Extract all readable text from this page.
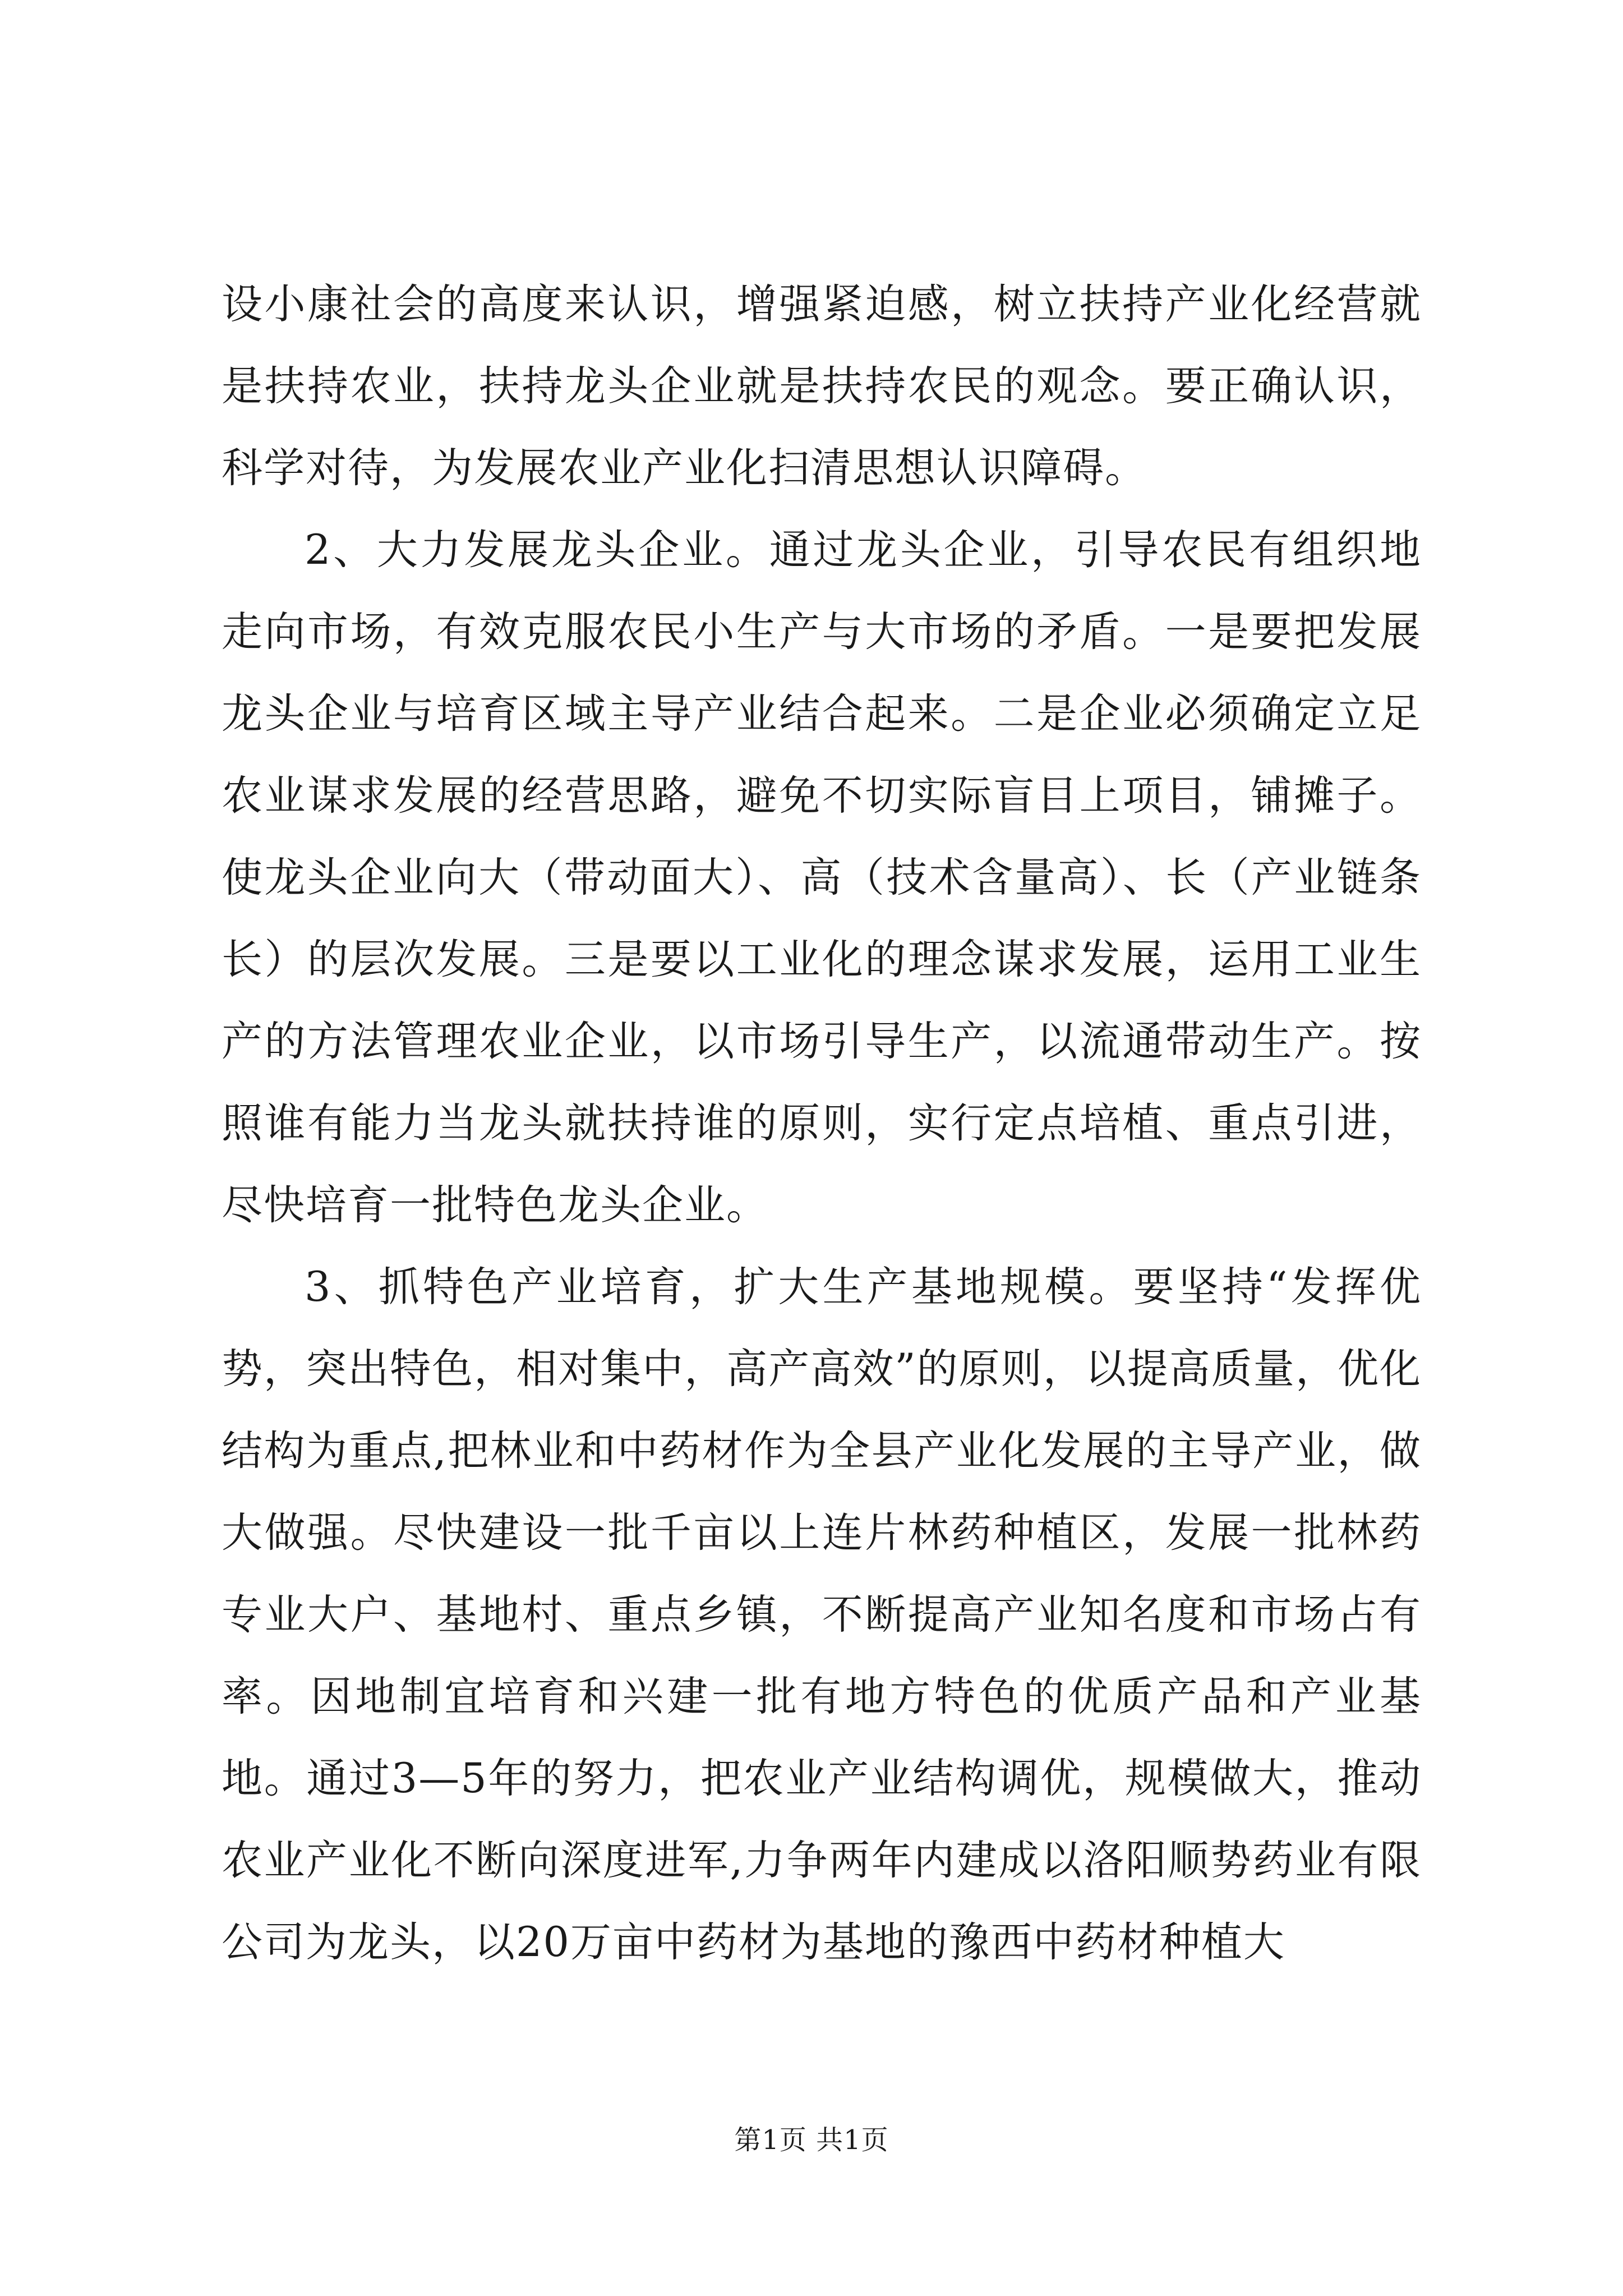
设小康社会的高度来认识，增强紧迫感，树立扶持产业化经营就是扶持农业，扶持龙头企业就是扶持农民的观念。要正确认识，科学对待，为发展农业产业化扫清思想认识障碍。

2、大力发展龙头企业。通过龙头企业，引导农民有组织地走向市场，有效克服农民小生产与大市场的矛盾。一是要把发展龙头企业与培育区域主导产业结合起来。二是企业必须确定立足农业谋求发展的经营思路，避免不切实际盲目上项目，铺摊子。使龙头企业向大（带动面大）、高（技术含量高）、长（产业链条长）的层次发展。三是要以工业化的理念谋求发展，运用工业生产的方法管理农业企业，以市场引导生产，以流通带动生产。按照谁有能力当龙头就扶持谁的原则，实行定点培植、重点引进，尽快培育一批特色龙头企业。

3、抓特色产业培育，扩大生产基地规模。要坚持“发挥优势，突出特色，相对集中，高产高效”的原则，以提高质量，优化结构为重点,把林业和中药材作为全县产业化发展的主导产业，做大做强。尽快建设一批千亩以上连片林药种植区，发展一批林药专业大户、基地村、重点乡镇，不断提高产业知名度和市场占有率。因地制宜培育和兴建一批有地方特色的优质产品和产业基地。通过3—5年的努力，把农业产业结构调优，规模做大，推动农业产业化不断向深度进军,力争两年内建成以洛阳顺势药业有限公司为龙头，以20万亩中药材为基地的豫西中药材种植大

第1页 共1页
